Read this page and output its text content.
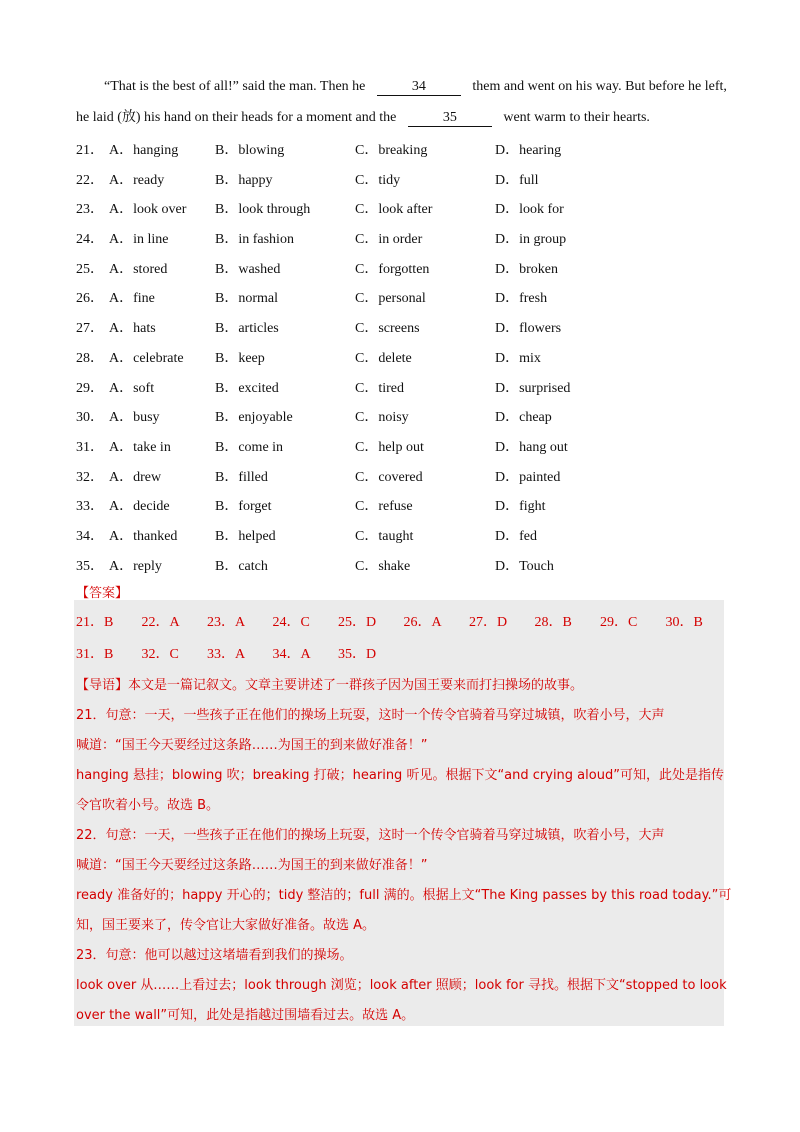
“That is the best of all!” said the man. Then he	34	them and went on his way. But before he left,
he laid (放) his hand on their heads for a moment and the	35	went warm to their hearts.
21． A．hanging	B．blowing	C．breaking	D．hearing
22． A．ready	B．happy	C．tidy	D．full
23． A．look over B．look through	C．look after	D．look for
24． A．in line	B．in fashion	C．in order	D．in group
25． A．stored	B．washed	C．forgotten	D．broken
26． A．fine	B．normal	C．personal	D．fresh
27． A．hats	B．articles	C．screens	D．flowers
28． A．celebrate B．keep	C．delete	D．mix
29． A．soft	B．excited	C．tired	D．surprised
30． A．busy	B．enjoyable	C．noisy	D．cheap
31． A．take in	B．come in	C．help out	D．hang out
32． A．drew	B．filled	C．covered	D．painted
33． A．decide	B．forget	C．refuse	D．fight
34． A．thanked	B．helped	C．taught	D．fed
35． A．reply	B．catch	C．shake	D．Touch
【答案】
21．B 22．A 23．A 24．C 25．D 26．A 27．D 28．B 29．C 30．B
31．B 32．C 33．A 34．A 35．D
【导语】本文是一篇记叙文。文章主要讲述了一群孩子因为国王要来而打扫操场的故事。
21．句意：一天，一些孩子正在他们的操场上玩耍，这时一个传令官骑着马穿过城镇，吹着小号，大声
喊道：“国王今天要经过这条路……为国王的到来做好准备！”
hanging 悬挂；blowing 吹；breaking 打破；hearing 听见。根据下文“and crying aloud”可知，此处是指传
令官吹着小号。故选 B。
22．句意：一天，一些孩子正在他们的操场上玩耍，这时一个传令官骑着马穿过城镇，吹着小号，大声
喊道：“国王今天要经过这条路……为国王的到来做好准备！”
ready 准备好的；happy 开心的；tidy 整洁的；full 满的。根据上文“The King passes by this road today.”可
知，国王要来了，传令官让大家做好准备。故选 A。
23．句意：他可以越过这堵墙看到我们的操场。
look over 从……上看过去；look through 浏览；look after 照顾；look for 寻找。根据下文“stopped to look
over the wall”可知，此处是指越过围墙看过去。故选 A。
